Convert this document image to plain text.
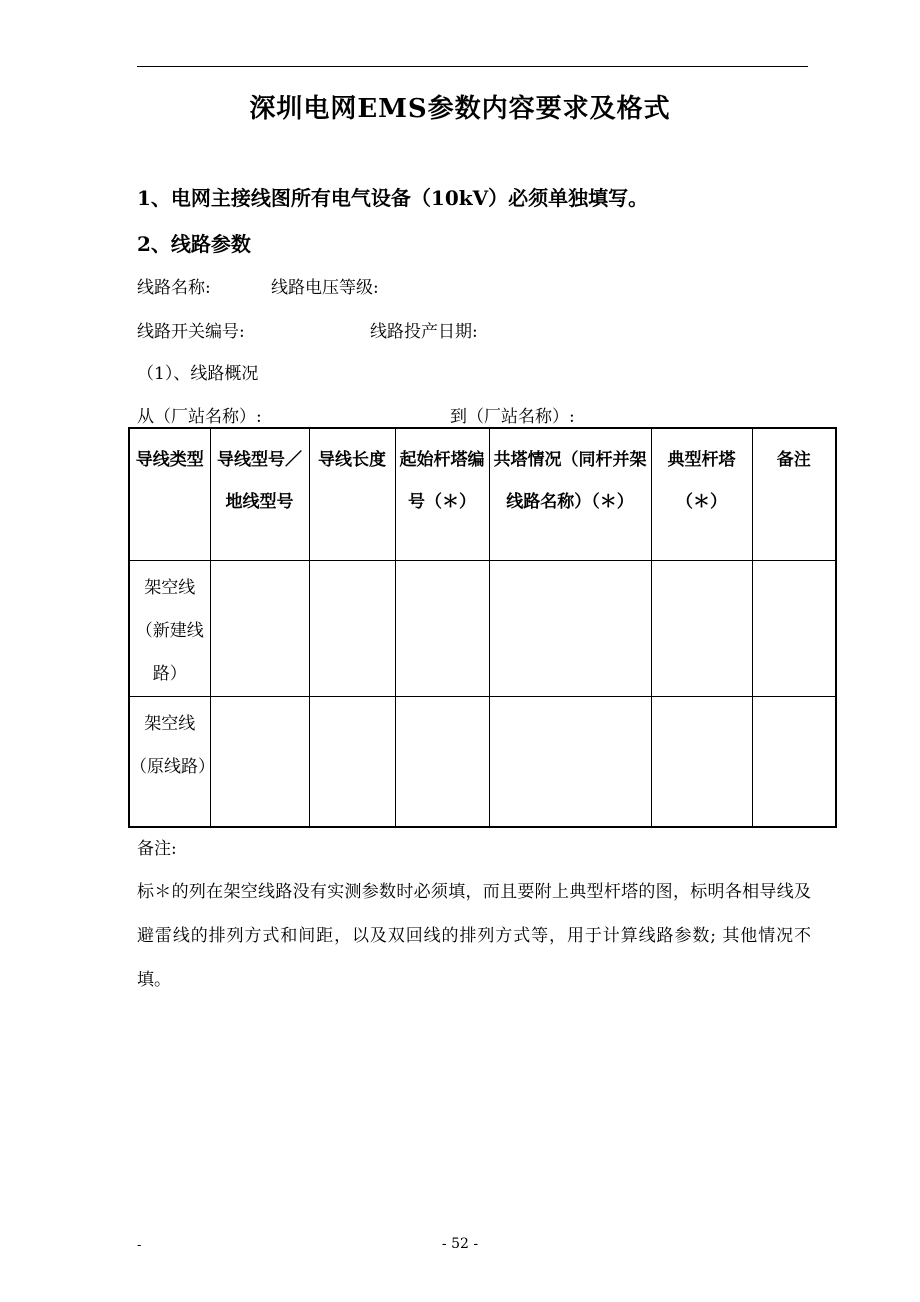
深圳电网EMS参数内容要求及格式
1、电网主接线图所有电气设备（10kV）必须单独填写。
2、线路参数
线路名称:	线路电压等级:
线路开关编号:	线路投产日期:
（1）、线路概况
从（厂站名称）:	到（厂站名称）:
导线类型	导线型号／地线型号	导线长度	起始杆塔编号（＊）	共塔情况（同杆并架线路名称）（＊）	典型杆塔（＊）	备注
架空线（新建线路）						
架空线（原线路）						
备注:
标＊的列在架空线路没有实测参数时必须填，而且要附上典型杆塔的图，标明各相导线及避雷线的排列方式和间距，以及双回线的排列方式等，用于计算线路参数; 其他情况不填。
-	- 52 -
